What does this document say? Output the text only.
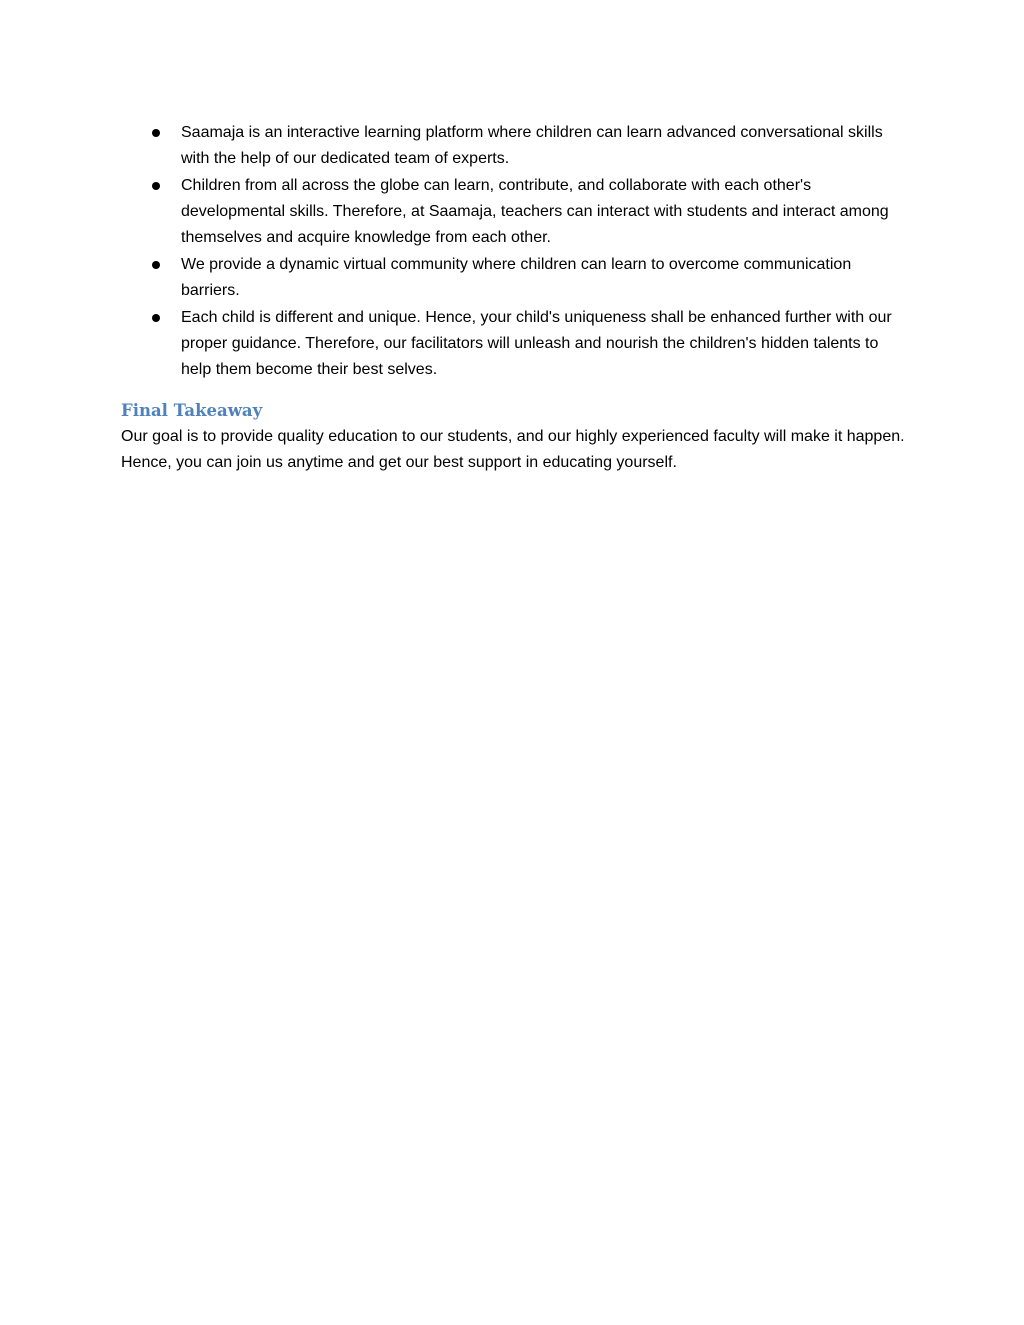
Saamaja is an interactive learning platform where children can learn advanced conversational skills with the help of our dedicated team of experts.
Children from all across the globe can learn, contribute, and collaborate with each other's developmental skills. Therefore, at Saamaja, teachers can interact with students and interact among themselves and acquire knowledge from each other.
We provide a dynamic virtual community where children can learn to overcome communication barriers.
Each child is different and unique. Hence, your child's uniqueness shall be enhanced further with our proper guidance. Therefore, our facilitators will unleash and nourish the children's hidden talents to help them become their best selves.
Final Takeaway

Our goal is to provide quality education to our students, and our highly experienced faculty will make it happen. Hence, you can join us anytime and get our best support in educating yourself.
